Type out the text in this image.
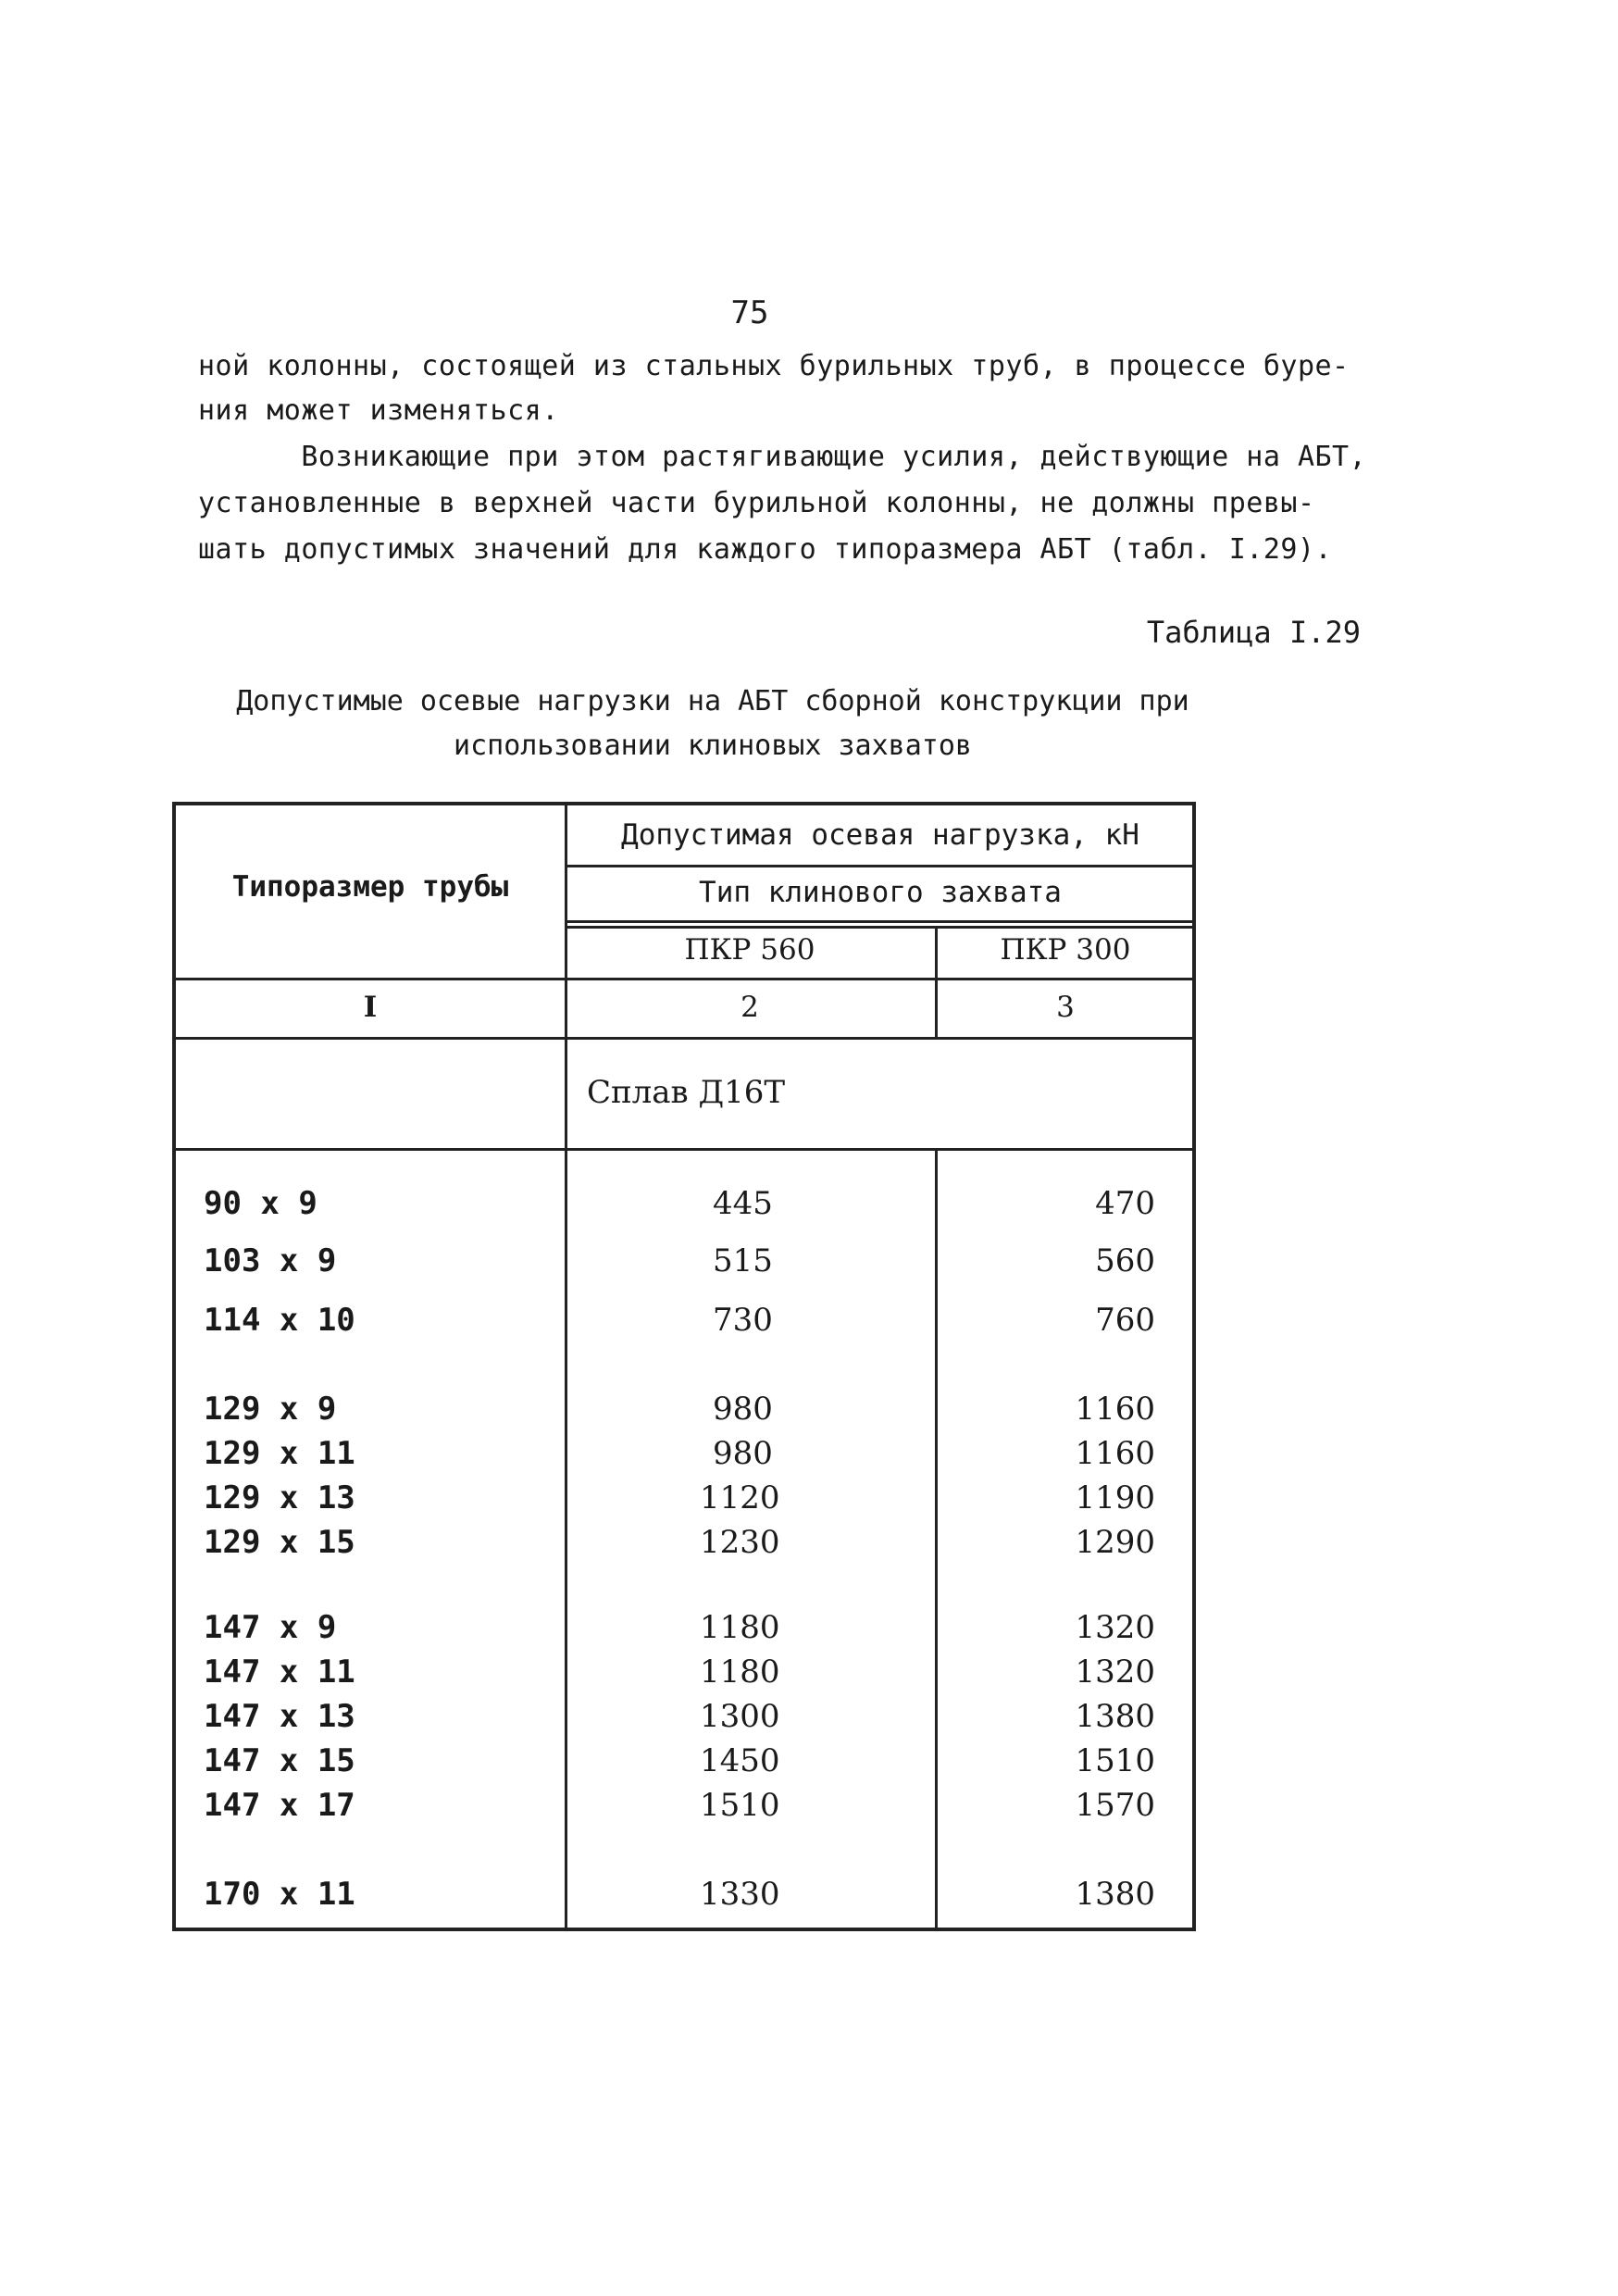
75
ной колонны, состоящей из стальных бурильных труб, в процессе буре-
ния может изменяться.
Возникающие при этом растягивающие усилия, действующие на АБТ,
установленные в верхней части бурильной колонны, не должны превы-
шать допустимых значений для каждого типоразмера АБТ (табл. I.29).
Таблица I.29
Допустимые осевые нагрузки на АБТ сборной конструкции при
использовании клиновых захватов
Типоразмер трубы
Допустимая осевая нагрузка, кН
Тип клинового захвата
ПКР 560	ПКР 300
I	2	3
Сплав Д16Т
90 x 9	445	470
103 x 9	515	560
114 x 10	730	760
129 x 9	980	1160
129 x 11	980	1160
129 x 13	1120	1190
129 x 15	1230	1290
147 x 9	1180	1320
147 x 11	1180	1320
147 x 13	1300	1380
147 x 15	1450	1510
147 x 17	1510	1570
170 x 11	1330	1380
